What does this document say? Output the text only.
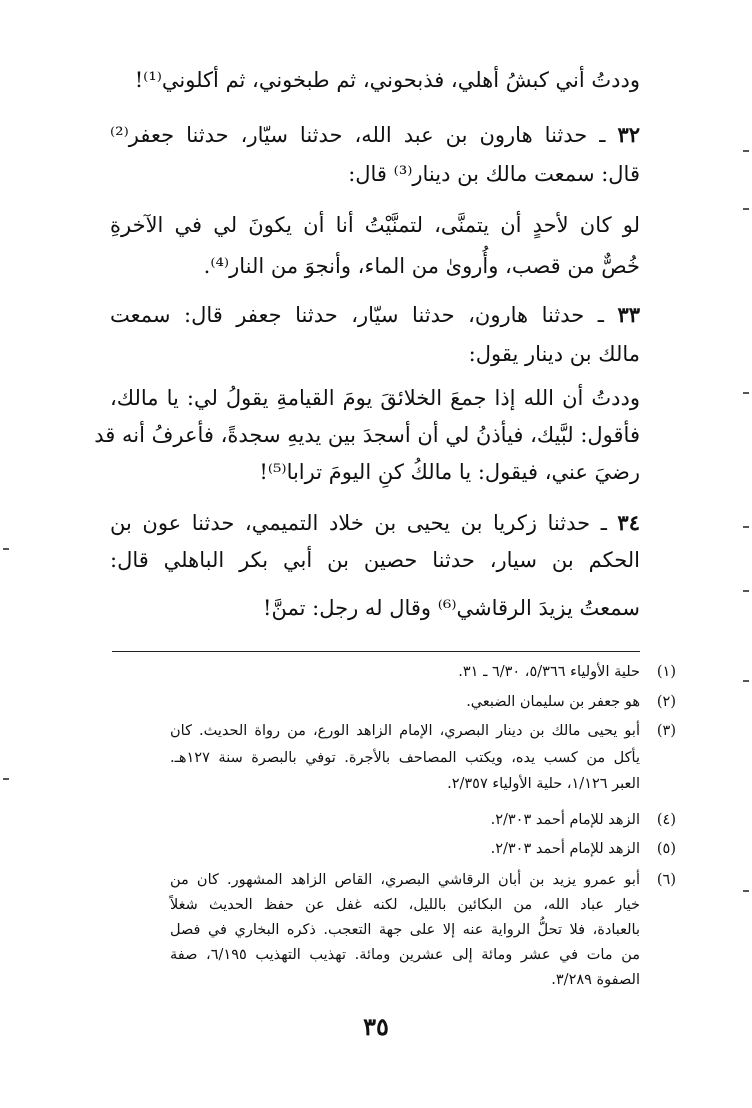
وددتُ أني كبشُ أهلي، فذبحوني، ثم طبخوني، ثم أكلوني⁽¹⁾!

٣٢ ـ حدثنا هارون بن عبد الله، حدثنا سيّار، حدثنا جعفر⁽²⁾

قال: سمعت مالك بن دينار⁽³⁾ قال:

لو كان لأحدٍ أن يتمنَّى، لتمنَّيْتُ أنا أن يكونَ لي في الآخرةِ

خُصٌّ من قصب، وأُروىٰ من الماء، وأنجوَ من النار⁽⁴⁾.

٣٣ ـ حدثنا هارون، حدثنا سيّار، حدثنا جعفر قال: سمعت

مالك بن دينار يقول:

وددتُ أن الله إذا جمعَ الخلائقَ يومَ القيامةِ يقولُ لي: يا مالك،

فأقول: لبَّيك، فيأذنُ لي أن أسجدَ بين يديهِ سجدةً، فأعرفُ أنه قد

رضيَ عني، فيقول: يا مالكُ كنِ اليومَ ترابا⁽⁵⁾!

٣٤ ـ حدثنا زكريا بن يحيى بن خلاد التميمي، حدثنا عون بن

الحكم بن سيار، حدثنا حصين بن أبي بكر الباهلي قال:

سمعتُ يزيدَ الرقاشي⁽⁶⁾ وقال له رجل: تمنَّ!

(١)

حلية الأولياء ٥/٣٦٦، ٦/٣٠ ـ ٣١.

(٢)

هو جعفر بن سليمان الضبعي.

(٣)

أبو يحيى مالك بن دينار البصري، الإمام الزاهد الورع، من رواة الحديث. كان

يأكل من كسب يده، ويكتب المصاحف بالأجرة. توفي بالبصرة سنة ١٢٧هـ.

العبر ١/١٢٦، حلية الأولياء ٢/٣٥٧.

(٤)

الزهد للإمام أحمد ٢/٣٠٣.

(٥)

الزهد للإمام أحمد ٢/٣٠٣.

(٦)

أبو عمرو يزيد بن أبان الرقاشي البصري، القاص الزاهد المشهور. كان من

خيار عباد الله، من البكائين بالليل، لكنه غفل عن حفظ الحديث شغلاً

بالعبادة، فلا تحلُّ الرواية عنه إلا على جهة التعجب. ذكره البخاري في فصل

من مات في عشر ومائة إلى عشرين ومائة. تهذيب التهذيب ٦/١٩٥، صفة

الصفوة ٣/٢٨٩.

٣٥
